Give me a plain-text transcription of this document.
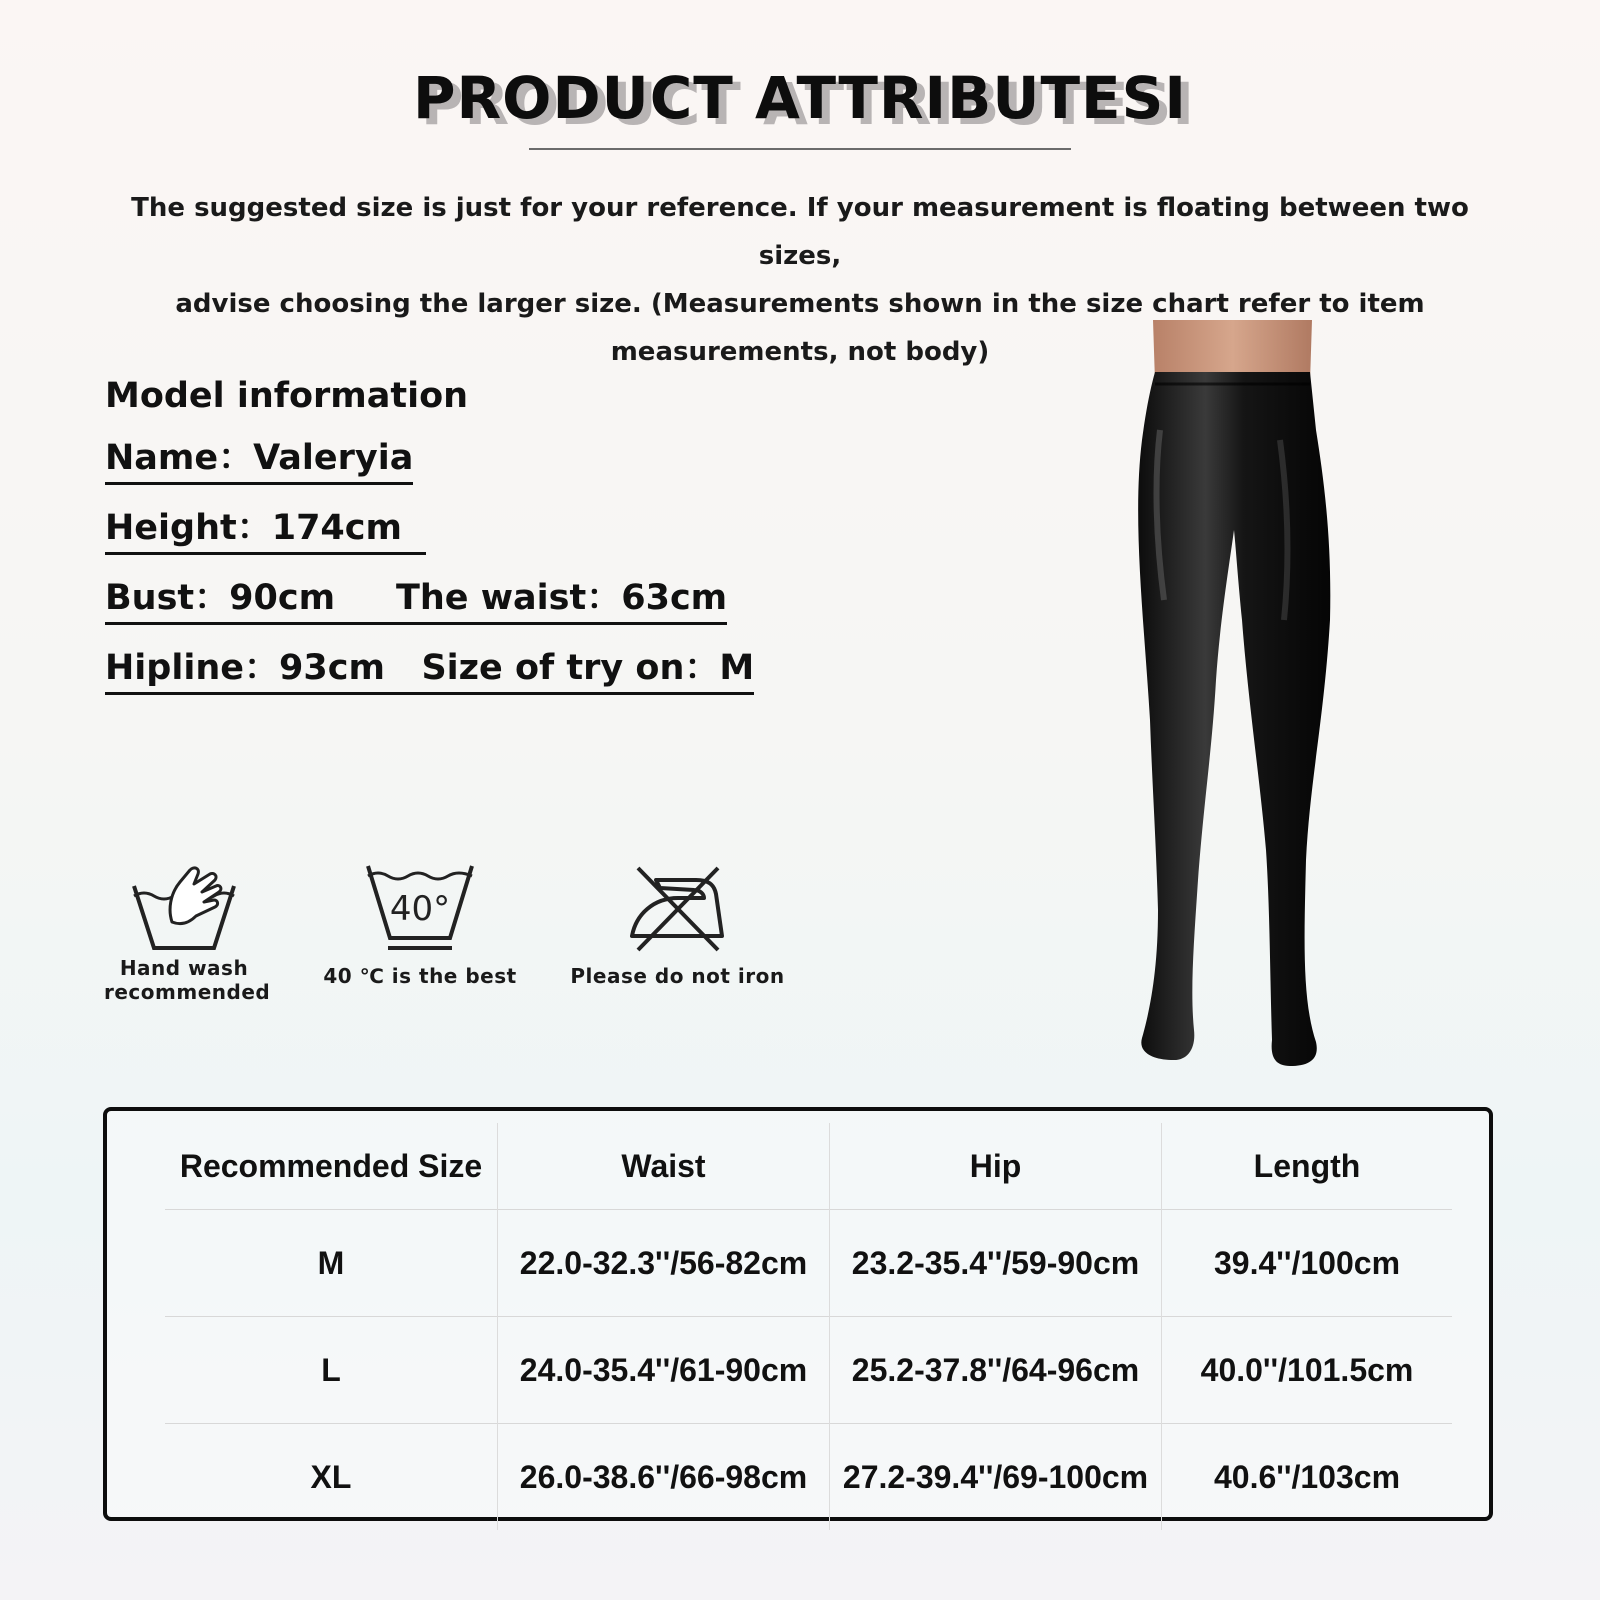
PRODUCT ATTRIBUTESI
The suggested size is just for your reference. If your measurement is floating between two sizes,
advise choosing the larger size. (Measurements shown in the size chart refer to item
measurements, not body)
Model information
Name：Valeryia
Height：174cm
Bust：90cm     The waist：63cm
Hipline：93cm   Size of try on：M
Hand wash
recommended
40°
40 ℃ is the best	Please do not iron
Recommended Size	Waist	Hip	Length
M	22.0-32.3''/56-82cm	23.2-35.4''/59-90cm	39.4''/100cm
L	24.0-35.4''/61-90cm	25.2-37.8''/64-96cm	40.0''/101.5cm
XL	26.0-38.6''/66-98cm	27.2-39.4''/69-100cm	40.6''/103cm
